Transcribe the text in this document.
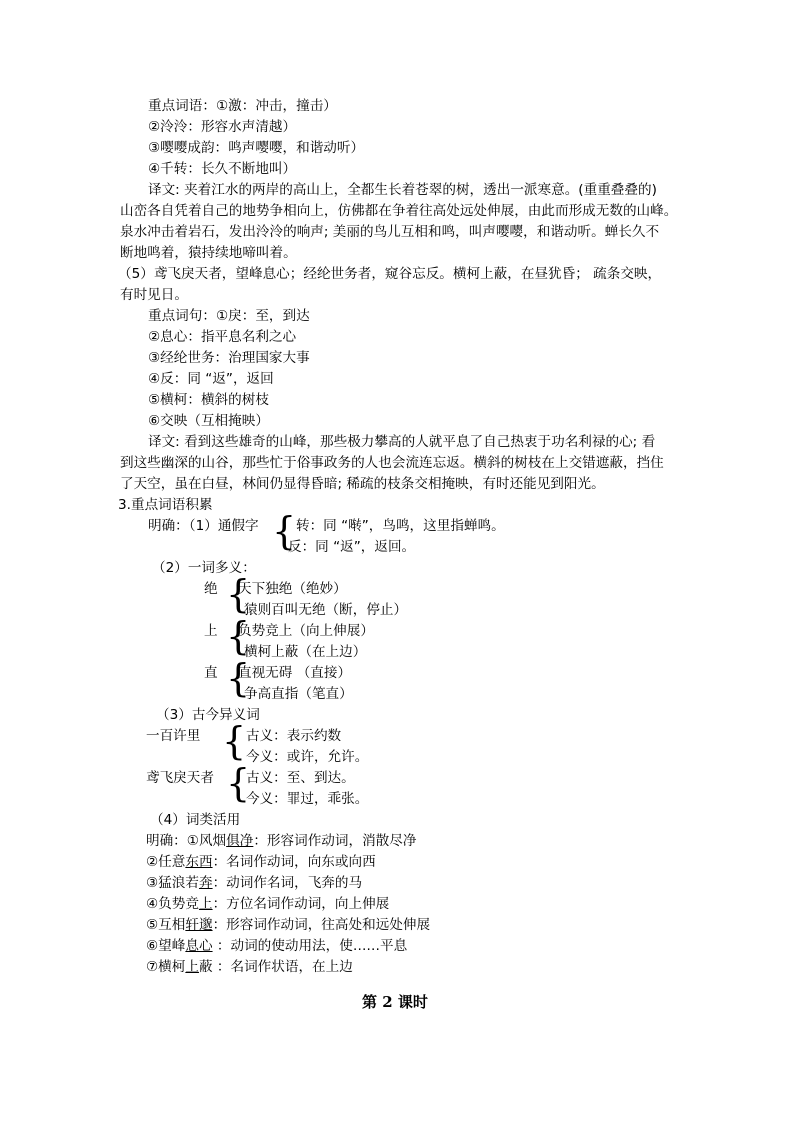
重点词语：①激：冲击，撞击）
②泠泠：形容水声清越）
③嘤嘤成韵：鸣声嘤嘤，和谐动听）
④千转：长久不断地叫）
译文: 夹着江水的两岸的高山上，全都生长着苍翠的树，透出一派寒意。(重重叠叠的)
山峦各自凭着自己的地势争相向上，仿佛都在争着往高处远处伸展，由此而形成无数的山峰。
泉水冲击着岩石，发出泠泠的响声; 美丽的鸟儿互相和鸣，叫声嘤嘤，和谐动听。蝉长久不
断地鸣着，猿持续地啼叫着。
（5）鸢飞戾天者，望峰息心；经纶世务者，窥谷忘反。横柯上蔽，在昼犹昏； 疏条交映，
有时见日。
重点词句：①戾：至，到达
②息心：指平息名利之心
③经纶世务：治理国家大事
④反：同 “返”，返回
⑤横柯：横斜的树枝
⑥交映（互相掩映）
译文: 看到这些雄奇的山峰，那些极力攀高的人就平息了自己热衷于功名利禄的心; 看
到这些幽深的山谷，那些忙于俗事政务的人也会流连忘返。横斜的树枝在上交错遮蔽，挡住
了天空，虽在白昼，林间仍显得昏暗; 稀疏的枝条交相掩映，有时还能见到阳光。
3.重点词语积累
明确：（1）通假字 { 转：同 “啭”，鸟鸣，这里指蝉鸣。
反：同 “返”，返回。
（2）一词多义：
绝 {
天下独绝（绝妙）
猿则百叫无绝（断，停止）
上 {
负势竞上（向上伸展）
横柯上蔽（在上边）
直 {
直视无碍 （直接）
争高直指（笔直）
（3）古今异义词
一百许里 { 古义：表示约数
今义：或许，允许。
鸢飞戾天者 {
古义：至、到达。
今义：罪过，乖张。
（4）词类活用
明确：①风烟俱净：形容词作动词，消散尽净
②任意东西：名词作动词，向东或向西
③猛浪若奔：动词作名词，飞奔的马
④负势竞上：方位名词作动词，向上伸展
⑤互相轩邈：形容词作动词，往高处和远处伸展
⑥望峰息心 ：动词的使动用法，使……平息
⑦横柯上蔽 ：名词作状语，在上边
第 2 课时
